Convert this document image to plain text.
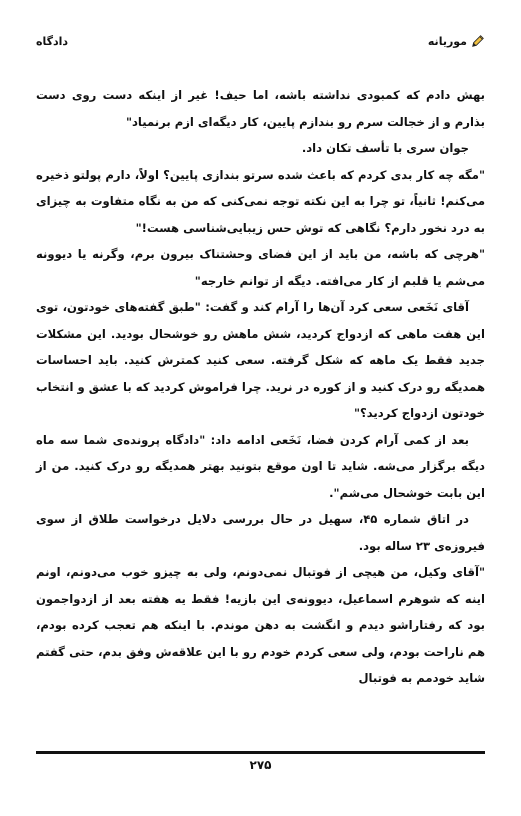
دادگاه	موریانه

بهش دادم که کمبودی نداشته باشه، اما حیف! غیر از اینکه دست روی دست بذارم و از خجالت سرم رو بندازم پایین، کار دیگه‌ای ازم برنمیاد"

جوان سری با تأسف تکان داد.

"مگه چه کار بدی کردم که باعث شده سرتو بندازی پایین؟ اولاً، دارم پولتو ذخیره می‌کنم! ثانیاً، تو چرا به این نکته توجه نمی‌کنی که من به نگاه متفاوت به چیزای به درد نخور دارم؟ نگاهی که توش حس زیبایی‌شناسی هست!"

"هرچی که باشه، من باید از این فضای وحشتناک بیرون برم، وگرنه یا دیوونه می‌شم یا قلبم از کار می‌افته. دیگه از توانم خارجه"

آقای نَخَعی سعی کرد آن‌ها را آرام کند و گفت: "طبق گفته‌های خودتون، توی این هفت ماهی که ازدواج کردید، شش ماهش رو خوشحال بودید. این مشکلات جدید فقط یک ماهه که شکل گرفته. سعی کنید کمترش کنید. باید احساسات همدیگه رو درک کنید و از کوره در نرید. چرا فراموش کردید که با عشق و انتخاب خودتون ازدواج کردید؟"

بعد از کمی آرام کردن فضا، نَخَعی ادامه داد: "دادگاه پرونده‌ی شما سه ماه دیگه برگزار می‌شه. شاید تا اون موقع بتونید بهتر همدیگه رو درک کنید. من از این بابت خوشحال می‌شم".

در اتاق شماره ۴۵، سهیل در حال بررسی دلایل درخواست طلاق از سوی فیروزه‌ی ۲۳ ساله بود.

"آقای وکیل، من هیچی از فوتبال نمی‌دونم، ولی به چیزو خوب می‌دونم، اونم اینه که شوهرم اسماعیل، دیوونه‌ی این بازیه! فقط یه هفته بعد از ازدواجمون بود که رفتاراشو دیدم و انگشت به دهن موندم. با اینکه هم تعجب کرده بودم، هم ناراحت بودم، ولی سعی کردم خودم رو با این علاقه‌ش وفق بدم، حتی گفتم شاید خودمم به فوتبال

۲۷۵
